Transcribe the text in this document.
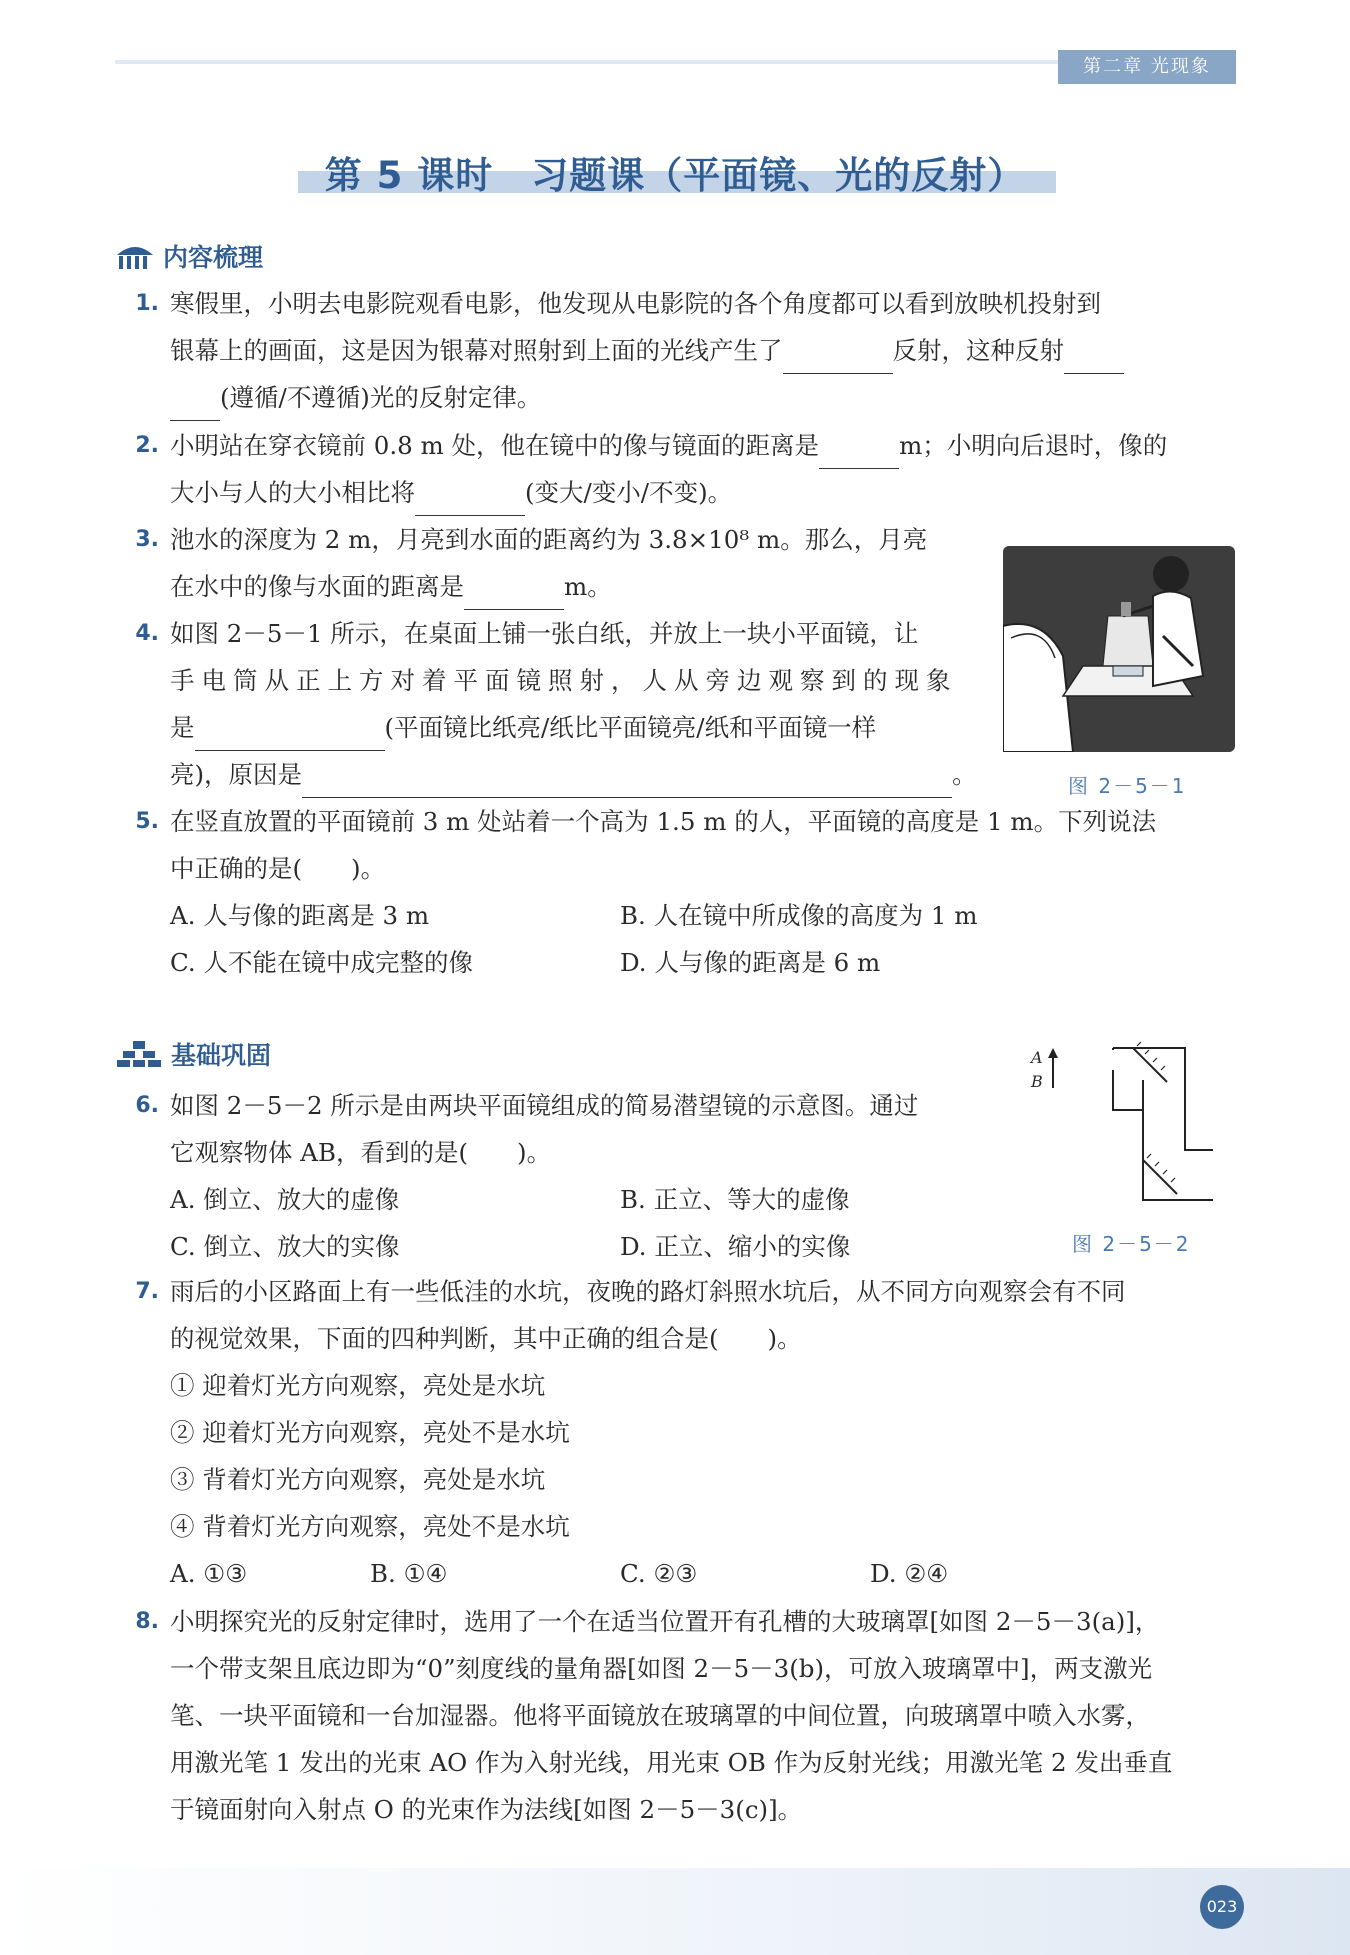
第二章 光现象
第 5 课时　习题课（平面镜、光的反射）
内容梳理
1. 寒假里，小明去电影院观看电影，他发现从电影院的各个角度都可以看到放映机投射到
银幕上的画面，这是因为银幕对照射到上面的光线产生了	反射，这种反射
(遵循/不遵循)光的反射定律。
2. 小明站在穿衣镜前 0.8 m 处，他在镜中的像与镜面的距离是	m；小明向后退时，像的
大小与人的大小相比将	(变大/变小/不变)。
3. 池水的深度为 2 m，月亮到水面的距离约为 3.8×10⁸ m。那么，月亮
在水中的像与水面的距离是	m。
4. 如图 2－5－1 所示，在桌面上铺一张白纸，并放上一块小平面镜，让
手电筒从正上方对着平面镜照射，人从旁边观察到的现象
是	(平面镜比纸亮/纸比平面镜亮/纸和平面镜一样
亮)，原因是	。	图 2－5－1
5. 在竖直放置的平面镜前 3 m 处站着一个高为 1.5 m 的人，平面镜的高度是 1 m。下列说法
中正确的是(　　)。
A. 人与像的距离是 3 m	B. 人在镜中所成像的高度为 1 m
C. 人不能在镜中成完整的像	D. 人与像的距离是 6 m
基础巩固
6. 如图 2－5－2 所示是由两块平面镜组成的简易潜望镜的示意图。通过
它观察物体 AB，看到的是(　　)。
A. 倒立、放大的虚像	B. 正立、等大的虚像
C. 倒立、放大的实像	D. 正立、缩小的实像
A
B
图 2－5－2
7. 雨后的小区路面上有一些低洼的水坑，夜晚的路灯斜照水坑后，从不同方向观察会有不同
的视觉效果，下面的四种判断，其中正确的组合是(　　)。
① 迎着灯光方向观察，亮处是水坑
② 迎着灯光方向观察，亮处不是水坑
③ 背着灯光方向观察，亮处是水坑
④ 背着灯光方向观察，亮处不是水坑
A. ①③	B. ①④	C. ②③	D. ②④
8. 小明探究光的反射定律时，选用了一个在适当位置开有孔槽的大玻璃罩[如图 2－5－3(a)]，
一个带支架且底边即为“0”刻度线的量角器[如图 2－5－3(b)，可放入玻璃罩中]，两支激光
笔、一块平面镜和一台加湿器。他将平面镜放在玻璃罩的中间位置，向玻璃罩中喷入水雾，
用激光笔 1 发出的光束 AO 作为入射光线，用光束 OB 作为反射光线；用激光笔 2 发出垂直
于镜面射向入射点 O 的光束作为法线[如图 2－5－3(c)]。
023
